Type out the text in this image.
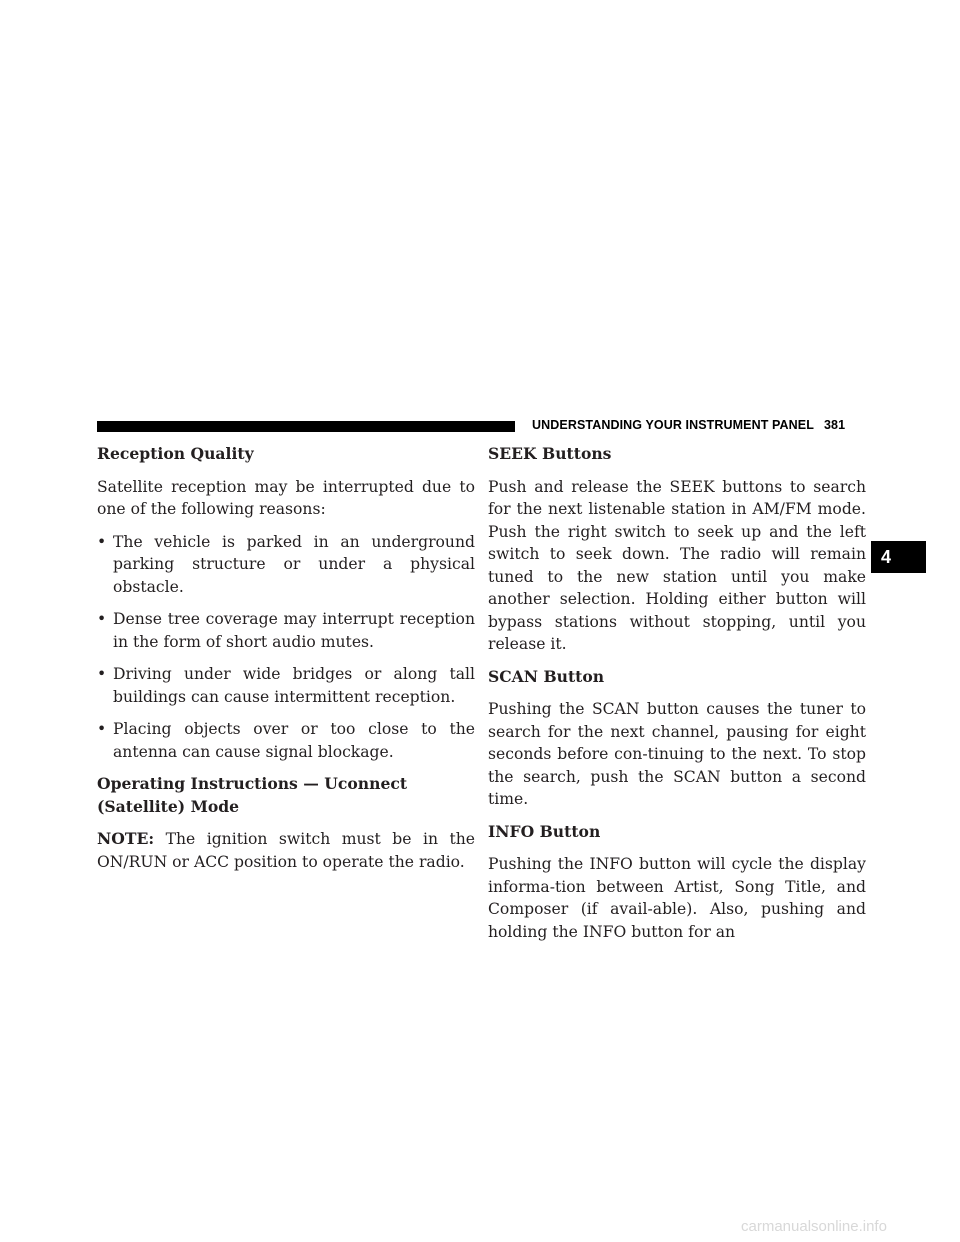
UNDERSTANDING YOUR INSTRUMENT PANEL 381
4
Reception Quality

Satellite reception may be interrupted due to one of the following reasons:

• The vehicle is parked in an underground parking structure or under a physical obstacle.
• Dense tree coverage may interrupt reception in the form of short audio mutes.
• Driving under wide bridges or along tall buildings can cause intermittent reception.
• Placing objects over or too close to the antenna can cause signal blockage.
Operating Instructions — Uconnect (Satellite) Mode

NOTE: The ignition switch must be in the ON/RUN or ACC position to operate the radio.

SEEK Buttons

Push and release the SEEK buttons to search for the next listenable station in AM/FM mode. Push the right switch to seek up and the left switch to seek down. The radio will remain tuned to the new station until you make another selection. Holding either button will bypass stations without stopping, until you release it.

SCAN Button

Pushing the SCAN button causes the tuner to search for the next channel, pausing for eight seconds before con-tinuing to the next. To stop the search, push the SCAN button a second time.

INFO Button

Pushing the INFO button will cycle the display informa-tion between Artist, Song Title, and Composer (if avail-able). Also, pushing and holding the INFO button for an

carmanualsonline.info
